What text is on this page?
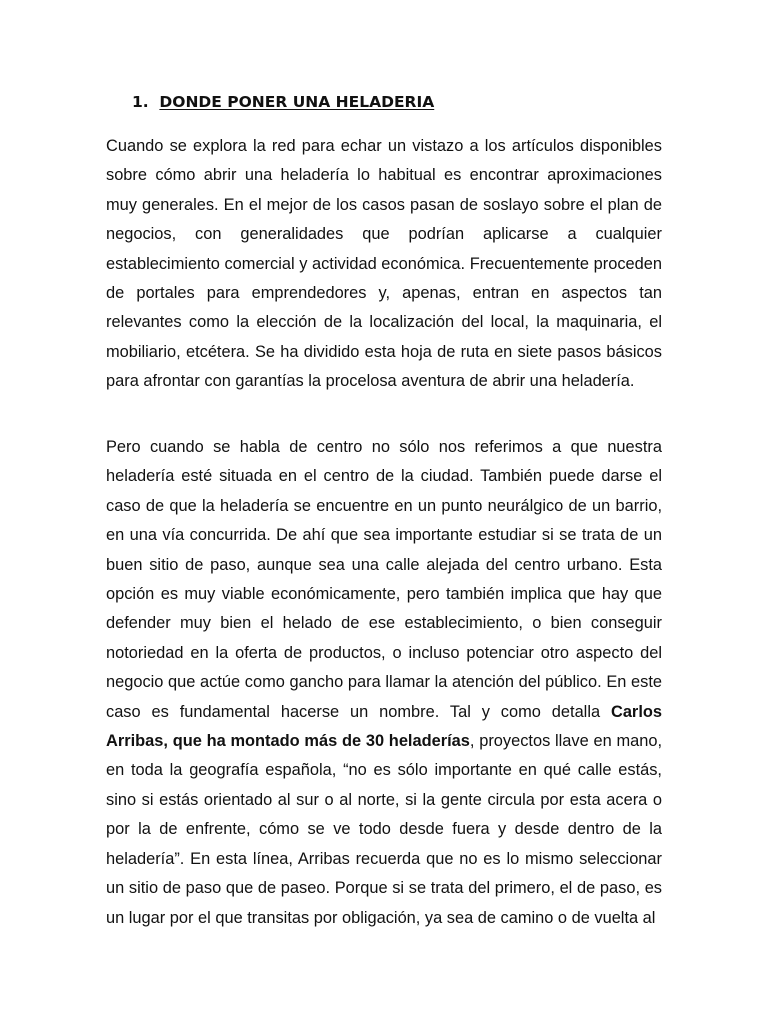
1. DONDE PONER UNA HELADERIA

Cuando se explora la red para echar un vistazo a los artículos disponibles sobre cómo abrir una heladería lo habitual es encontrar aproximaciones muy generales. En el mejor de los casos pasan de soslayo sobre el plan de negocios, con generalidades que podrían aplicarse a cualquier establecimiento comercial y actividad económica. Frecuentemente proceden de portales para emprendedores y, apenas, entran en aspectos tan relevantes como la elección de la localización del local, la maquinaria, el mobiliario, etcétera. Se ha dividido esta hoja de ruta en siete pasos básicos para afrontar con garantías la procelosa aventura de abrir una heladería.

Pero cuando se habla de centro no sólo nos referimos a que nuestra heladería esté situada en el centro de la ciudad. También puede darse el caso de que la heladería se encuentre en un punto neurálgico de un barrio, en una vía concurrida. De ahí que sea importante estudiar si se trata de un buen sitio de paso, aunque sea una calle alejada del centro urbano. Esta opción es muy viable económicamente, pero también implica que hay que defender muy bien el helado de ese establecimiento, o bien conseguir notoriedad en la oferta de productos, o incluso potenciar otro aspecto del negocio que actúe como gancho para llamar la atención del público. En este caso es fundamental hacerse un nombre. Tal y como detalla Carlos Arribas, que ha montado más de 30 heladerías, proyectos llave en mano, en toda la geografía española, “no es sólo importante en qué calle estás, sino si estás orientado al sur o al norte, si la gente circula por esta acera o por la de enfrente, cómo se ve todo desde fuera y desde dentro de la heladería”. En esta línea, Arribas recuerda que no es lo mismo seleccionar un sitio de paso que de paseo. Porque si se trata del primero, el de paso, es un lugar por el que transitas por obligación, ya sea de camino o de vuelta al
